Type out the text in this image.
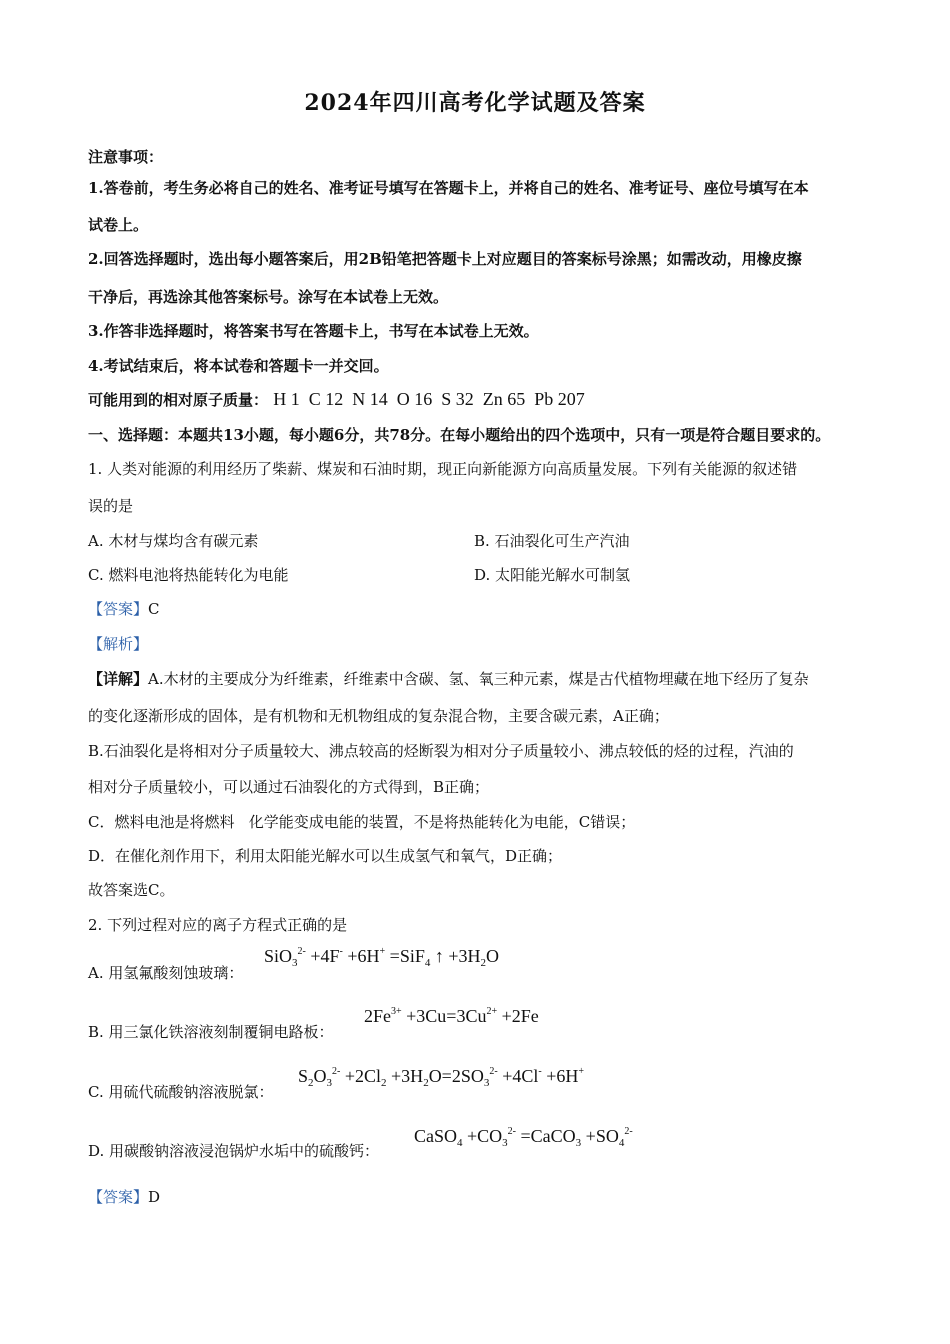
2024年四川高考化学试题及答案
注意事项：
1.答卷前，考生务必将自己的姓名、准考证号填写在答题卡上，并将自己的姓名、准考证号、座位号填写在本
试卷上。
2.回答选择题时，选出每小题答案后，用2B铅笔把答题卡上对应题目的答案标号涂黑；如需改动，用橡皮擦
干净后，再选涂其他答案标号。涂写在本试卷上无效。
3.作答非选择题时，将答案书写在答题卡上，书写在本试卷上无效。
4.考试结束后，将本试卷和答题卡一并交回。
可能用到的相对原子质量： H 1  C 12  N 14  O 16  S 32  Zn 65  Pb 207
一、选择题：本题共13小题，每小题6分，共78分。在每小题给出的四个选项中，只有一项是符合题目要求的。
1. 人类对能源的利用经历了柴薪、煤炭和石油时期，现正向新能源方向高质量发展。下列有关能源的叙述错
误的是
A. 木材与煤均含有碳元素	B. 石油裂化可生产汽油
C. 燃料电池将热能转化为电能	D. 太阳能光解水可制氢
【答案】C
【解析】
【详解】A.木材的主要成分为纤维素，纤维素中含碳、氢、氧三种元素，煤是古代植物埋藏在地下经历了复杂
的变化逐渐形成的固体，是有机物和无机物组成的复杂混合物，主要含碳元素，A正确；
B.石油裂化是将相对分子质量较大、沸点较高的烃断裂为相对分子质量较小、沸点较低的烃的过程，汽油的
相对分子质量较小，可以通过石油裂化的方式得到，B正确；
C．燃料电池是将燃料   化学能变成电能的装置，不是将热能转化为电能，C错误；
D．在催化剂作用下，利用太阳能光解水可以生成氢气和氧气，D正确；
故答案选C。
2. 下列过程对应的离子方程式正确的是
A. 用氢氟酸刻蚀玻璃：
SiO$_3^{2-}$ +4F- +6H+ =SiF$_4$ ↑ $+3H_2O$
B. 用三氯化铁溶液刻制覆铜电路板：
$2Fe^{3+} +3Cu=3Cu^{2+} +2Fe$
C. 用硫代硫酸钠溶液脱氯：
$S_2O_3^{2-} +2Cl_2 +3H_2O=2SO_3^{2-} +4Cl^- +6H^+$
D. 用碳酸钠溶液浸泡锅炉水垢中的硫酸钙：
CaSO$_4$ $+CO_3^{2-}$ =CaCO$_3$ $+SO_4^{2-}$
【答案】D
